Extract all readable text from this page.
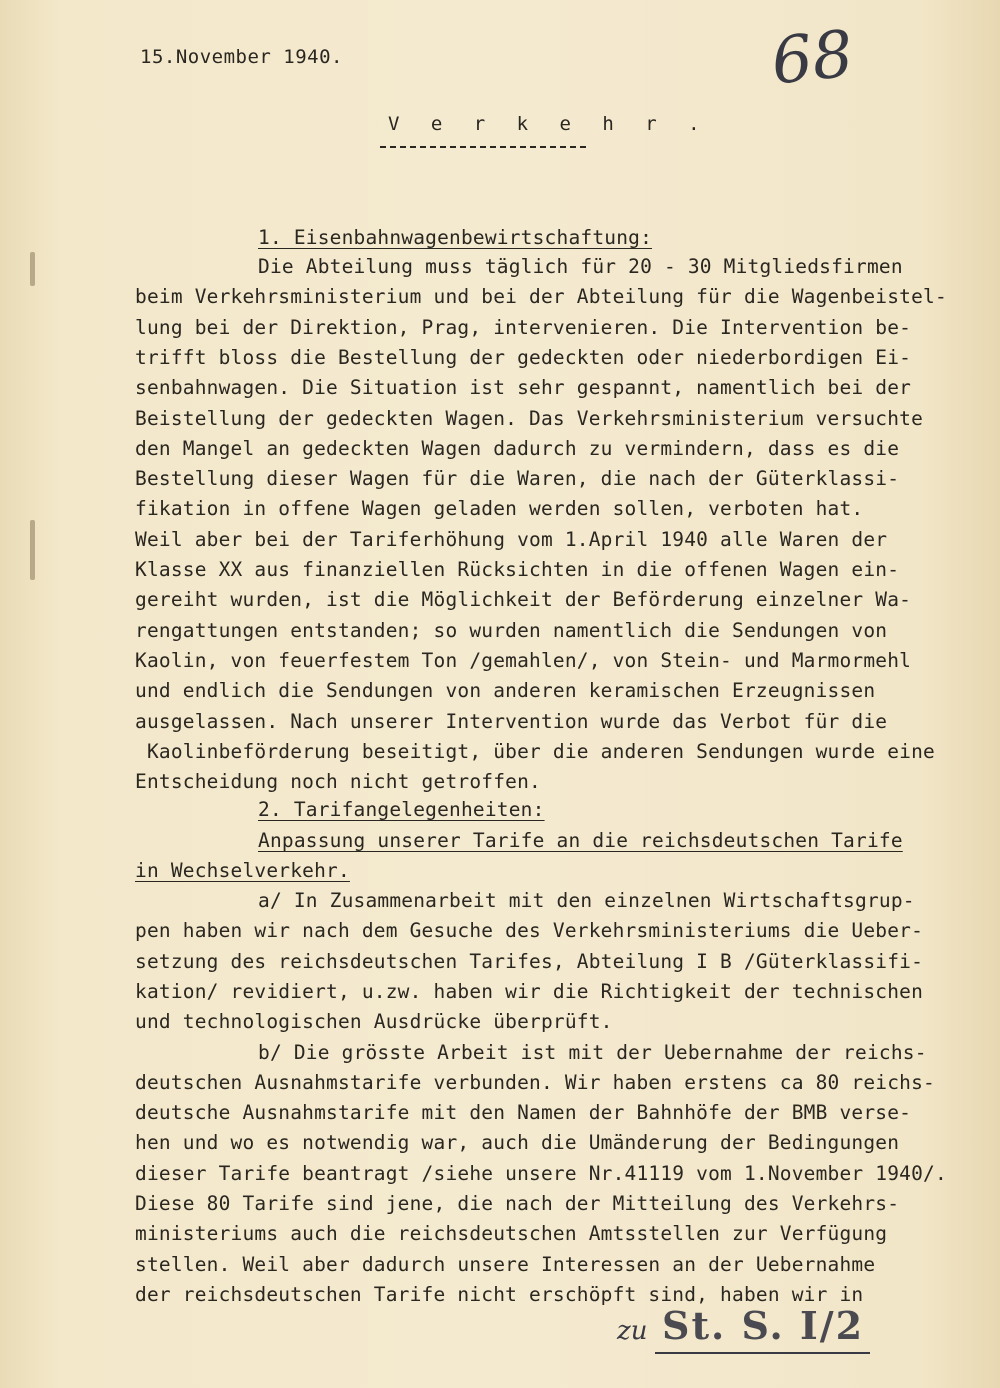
15.November 1940.	68
V e r k e h r .
1. Eisenbahnwagenbewirtschaftung:
Die Abteilung muss täglich für 20 - 30 Mitgliedsfirmen
beim Verkehrsministerium und bei der Abteilung für die Wagenbeistel-
lung bei der Direktion, Prag, intervenieren. Die Intervention be-
trifft bloss die Bestellung der gedeckten oder niederbordigen Ei-
senbahnwagen. Die Situation ist sehr gespannt, namentlich bei der
Beistellung der gedeckten Wagen. Das Verkehrsministerium versuchte
den Mangel an gedeckten Wagen dadurch zu vermindern, dass es die
Bestellung dieser Wagen für die Waren, die nach der Güterklassi-
fikation in offene Wagen geladen werden sollen, verboten hat.
Weil aber bei der Tariferhöhung vom 1.April 1940 alle Waren der
Klasse XX aus finanziellen Rücksichten in die offenen Wagen ein-
gereiht wurden, ist die Möglichkeit der Beförderung einzelner Wa-
rengattungen entstanden; so wurden namentlich die Sendungen von
Kaolin, von feuerfestem Ton /gemahlen/, von Stein- und Marmormehl
und endlich die Sendungen von anderen keramischen Erzeugnissen
ausgelassen. Nach unserer Intervention wurde das Verbot für die
Kaolinbeförderung beseitigt, über die anderen Sendungen wurde eine
Entscheidung noch nicht getroffen.
2. Tarifangelegenheiten:
Anpassung unserer Tarife an die reichsdeutschen Tarife
in Wechselverkehr.
a/ In Zusammenarbeit mit den einzelnen Wirtschaftsgrup-
pen haben wir nach dem Gesuche des Verkehrsministeriums die Ueber-
setzung des reichsdeutschen Tarifes, Abteilung I B /Güterklassifi-
kation/ revidiert, u.zw. haben wir die Richtigkeit der technischen
und technologischen Ausdrücke überprüft.
b/ Die grösste Arbeit ist mit der Uebernahme der reichs-
deutschen Ausnahmstarife verbunden. Wir haben erstens ca 80 reichs-
deutsche Ausnahmstarife mit den Namen der Bahnhöfe der BMB verse-
hen und wo es notwendig war, auch die Umänderung der Bedingungen
dieser Tarife beantragt /siehe unsere Nr.41119 vom 1.November 1940/.
Diese 80 Tarife sind jene, die nach der Mitteilung des Verkehrs-
ministeriums auch die reichsdeutschen Amtsstellen zur Verfügung
stellen. Weil aber dadurch unsere Interessen an der Uebernahme
der reichsdeutschen Tarife nicht erschöpft sind, haben wir in
zu St. S. I/2
